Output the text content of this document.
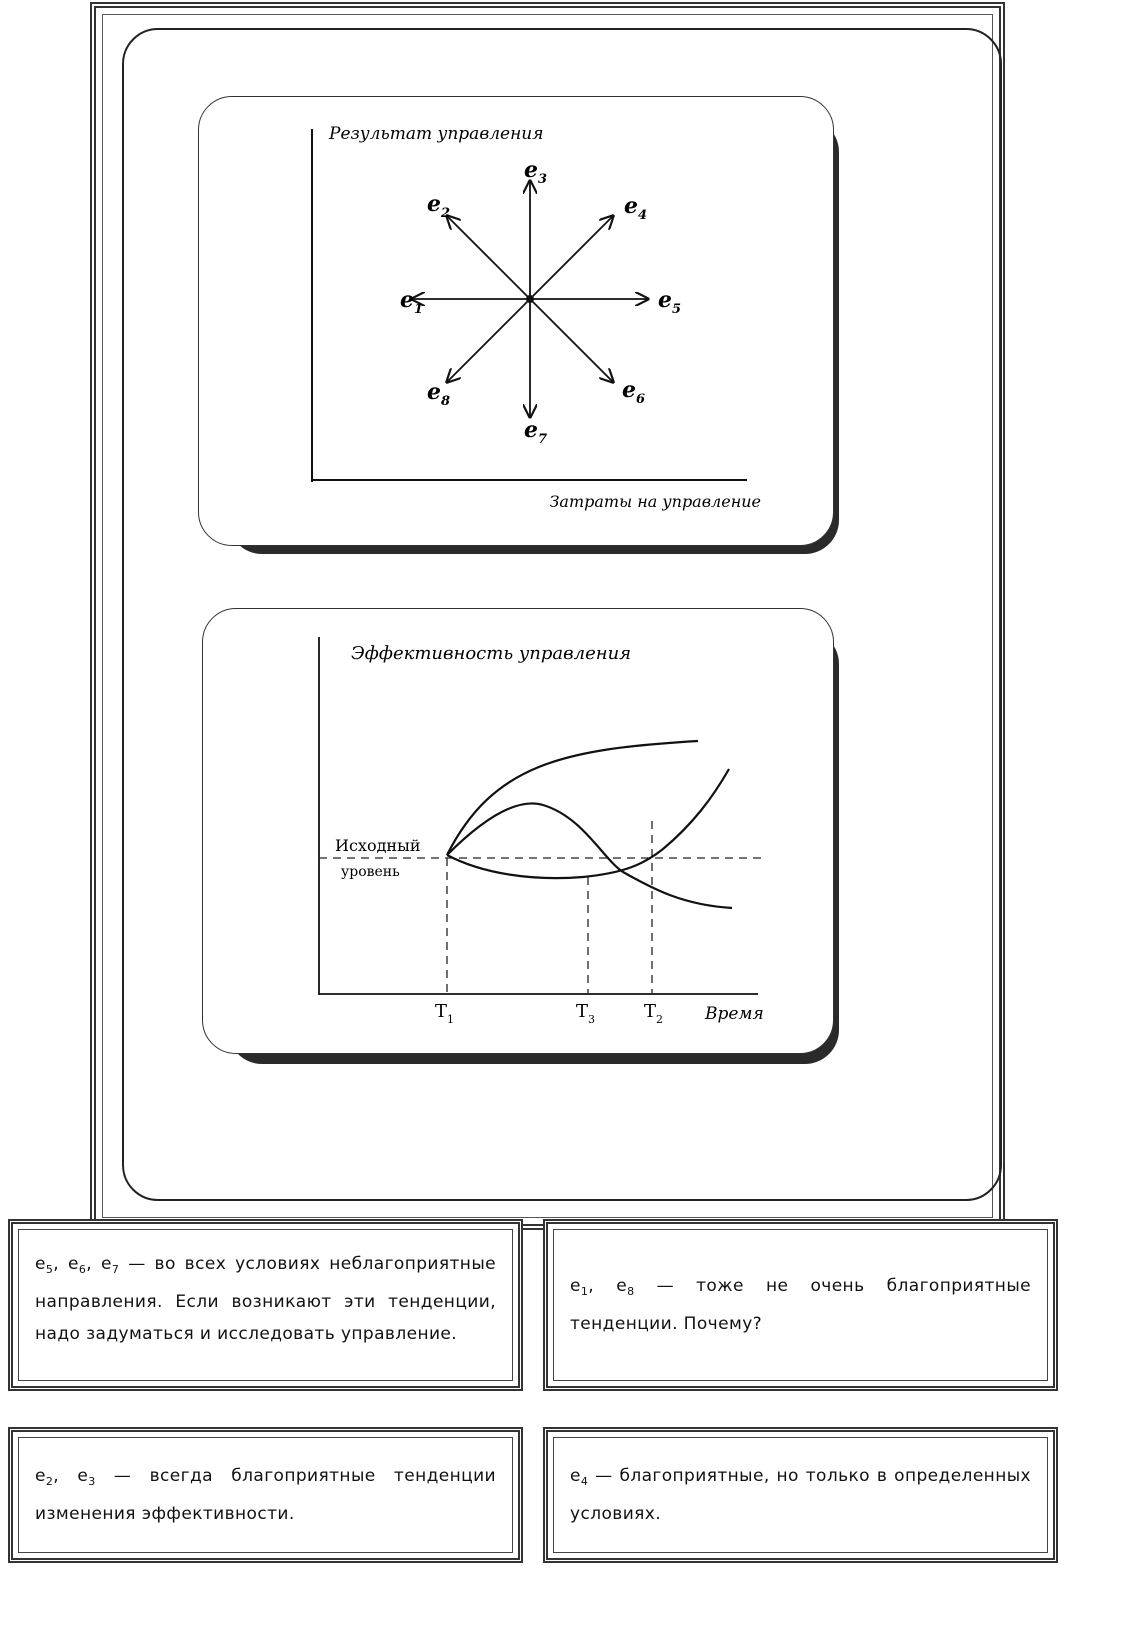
Результат управления
Затраты на управление
$e_1$
$e_2$
$e_3$
$e_4$
$e_5$
$e_6$
$e_7$
$e_8$
Эффективность управления
Исходный
уровень
$T_1$	$T_3$	$T_2$ Время
$e_5$, $e_6$, $e_7$ — во всех условиях неблагоприятные направления. Если возникают эти тенденции, надо задуматься и исследовать управление.
$e_1$, $e_8$ — тоже не очень благоприятные тенденции. Почему?
$e_2$, $e_3$ — всегда благоприятные тенденции изменения эффективности.
$e_4$ — благоприятные, но только в определенных условиях.
